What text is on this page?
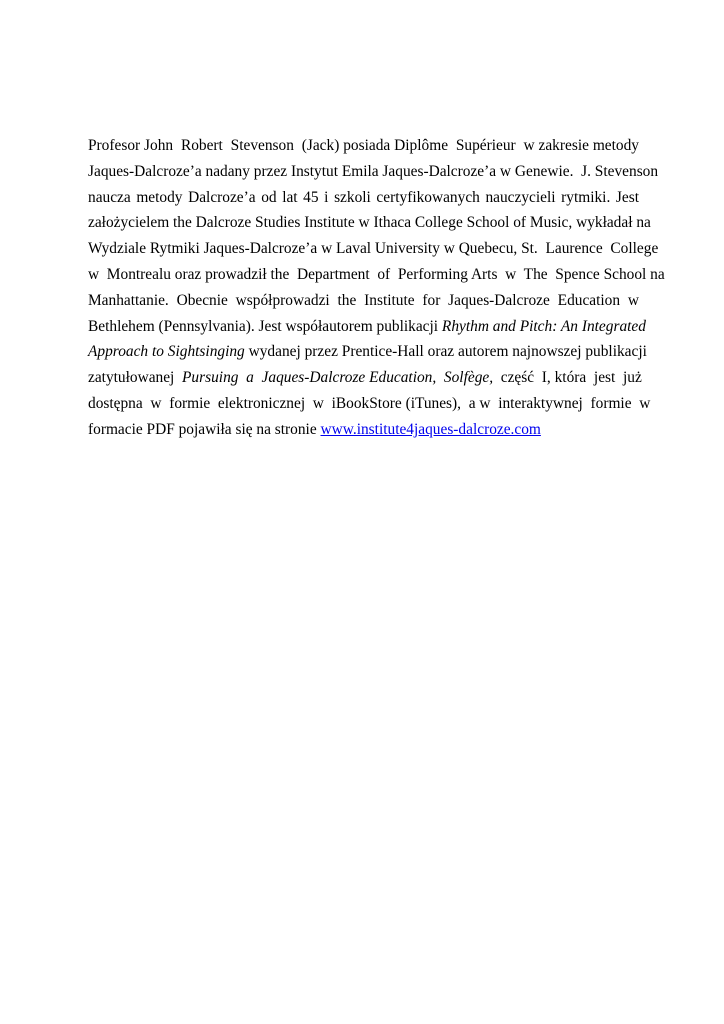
Profesor John  Robert  Stevenson  (Jack) posiada Diplôme  Supérieur  w zakresie metody
Jaques-Dalcroze’a nadany przez Instytut Emila Jaques-Dalcroze’a w Genewie.  J. Stevenson
naucza metody Dalcroze’a od lat 45 i szkoli certyfikowanych nauczycieli rytmiki. Jest
założycielem the Dalcroze Studies Institute w Ithaca College School of Music, wykładał na
Wydziale Rytmiki Jaques-Dalcroze’a w Laval University w Quebecu, St.  Laurence  College
w  Montrealu oraz prowadził the  Department  of  Performing Arts  w  The  Spence School na
Manhattanie. Obecnie współprowadzi the Institute for Jaques-Dalcroze Education w
Bethlehem (Pennsylvania). Jest współautorem publikacji Rhythm and Pitch: An Integrated
Approach to Sightsinging wydanej przez Prentice-Hall oraz autorem najnowszej publikacji
zatytułowanej  Pursuing  a  Jaques-Dalcroze Education,  Solfège,  część  I, która  jest  już
dostępna  w  formie  elektronicznej  w  iBookStore (iTunes),  a w  interaktywnej  formie  w
formacie PDF pojawiła się na stronie www.institute4jaques-dalcroze.com
